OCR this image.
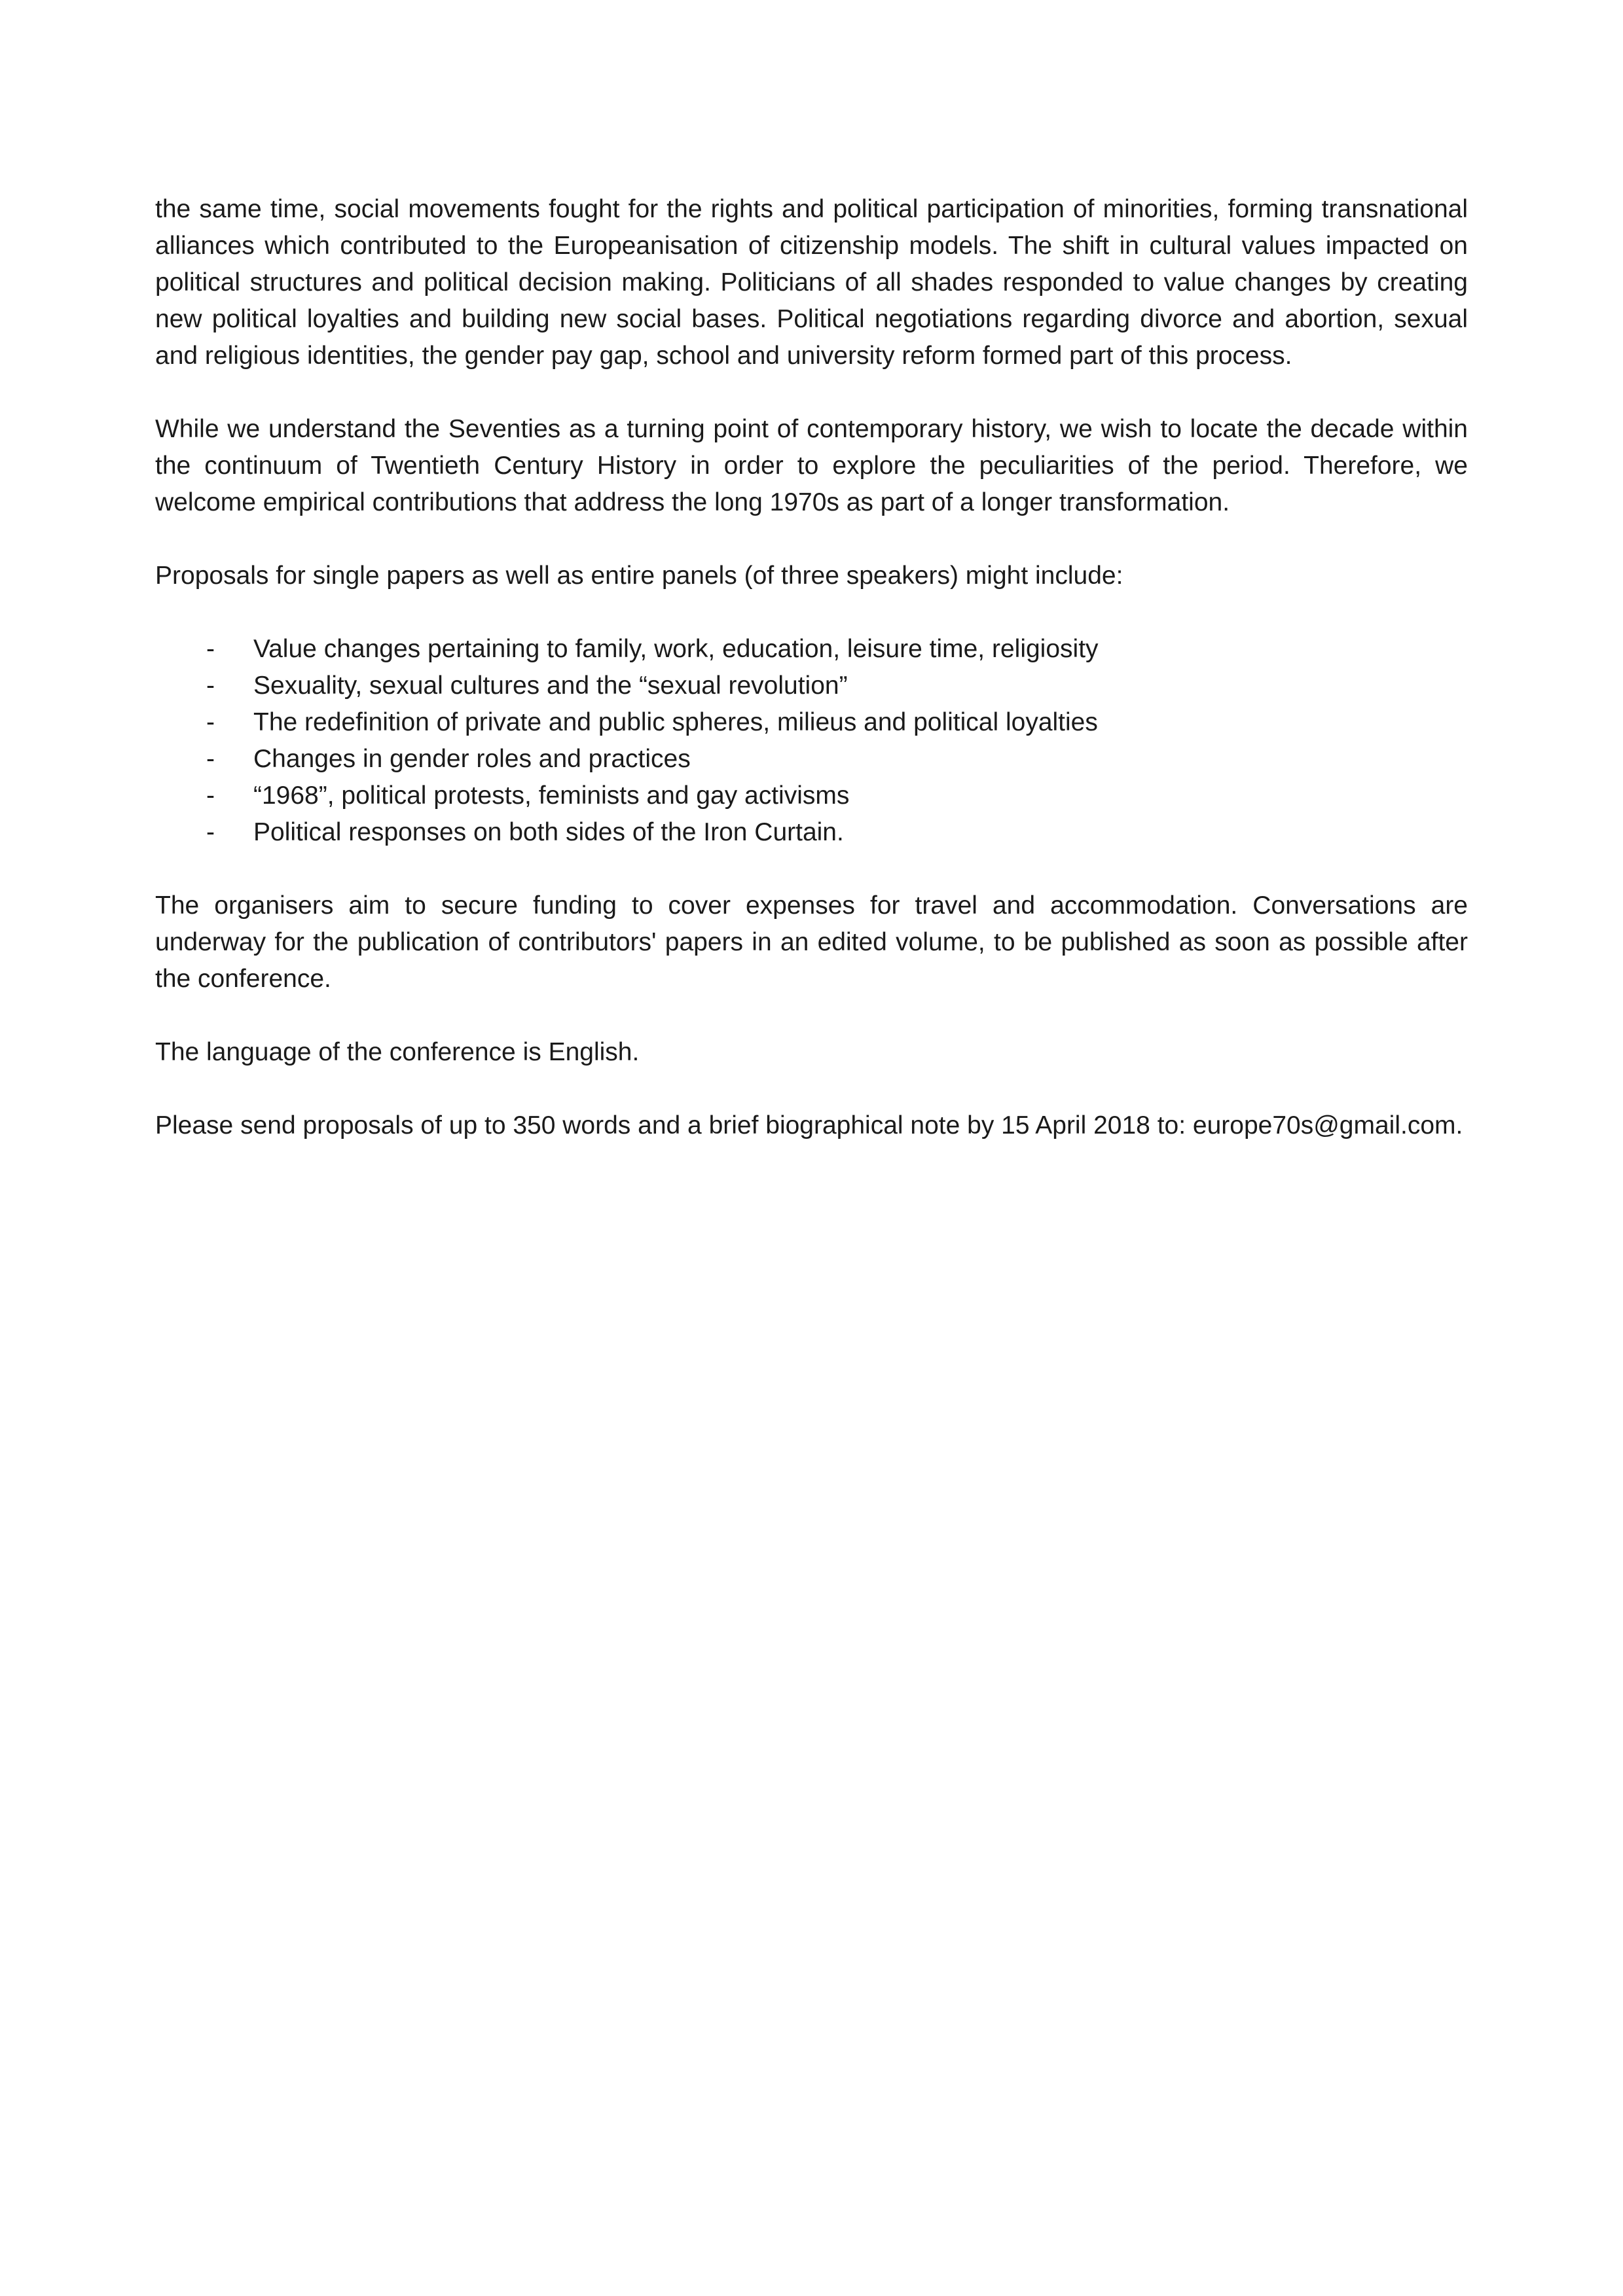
the same time, social movements fought for the rights and political participation of minorities, forming transnational alliances which contributed to the Europeanisation of citizenship models. The shift in cultural values impacted on political structures and political decision making. Politicians of all shades responded to value changes by creating new political loyalties and building new social bases. Political negotiations regarding divorce and abortion, sexual and religious identities, the gender pay gap, school and university reform formed part of this process.

While we understand the Seventies as a turning point of contemporary history, we wish to locate the decade within the continuum of Twentieth Century History in order to explore the peculiarities of the period. Therefore, we welcome empirical contributions that address the long 1970s as part of a longer transformation.

Proposals for single papers as well as entire panels (of three speakers) might include:

- Value changes pertaining to family, work, education, leisure time, religiosity
- Sexuality, sexual cultures and the “sexual revolution”
- The redefinition of private and public spheres, milieus and political loyalties
- Changes in gender roles and practices
- “1968”, political protests, feminists and gay activisms
- Political responses on both sides of the Iron Curtain.

The organisers aim to secure funding to cover expenses for travel and accommodation. Conversations are underway for the publication of contributors' papers in an edited volume, to be published as soon as possible after the conference.

The language of the conference is English.

Please send proposals of up to 350 words and a brief biographical note by 15 April 2018 to: europe70s@gmail.com.
